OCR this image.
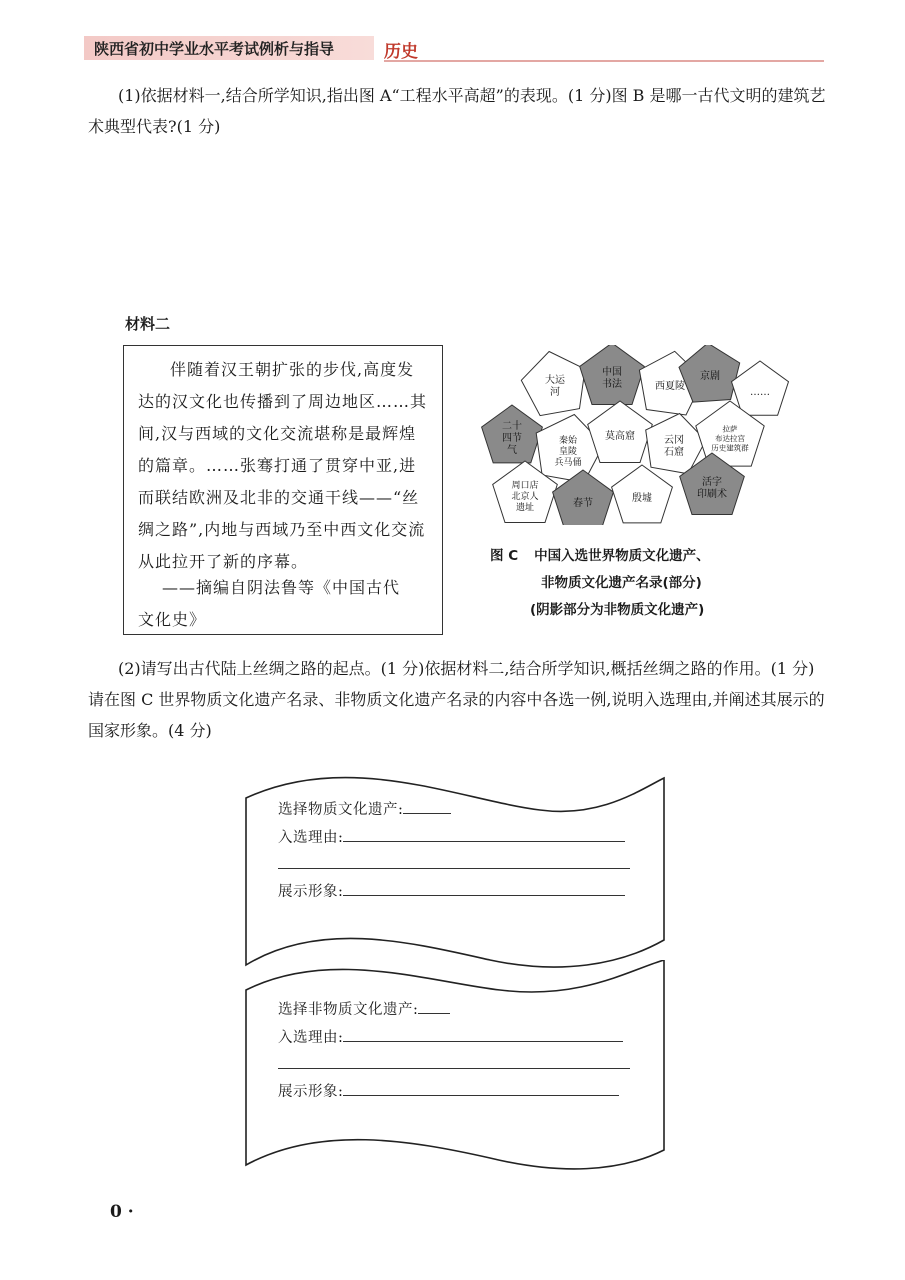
陕西省初中学业水平考试例析与指导	历史
(1)依据材料一,结合所学知识,指出图 A“工程水平高超”的表现。(1 分)图 B 是哪一古代文明的建筑艺术典型代表?(1 分)
材料二

伴随着汉王朝扩张的步伐,高度发达的汉文化也传播到了周边地区……其间,汉与西域的文化交流堪称是最辉煌的篇章。……张骞打通了贯穿中亚,进而联结欧洲及北非的交通干线——“丝绸之路”,内地与西域乃至中西文化交流从此拉开了新的序幕。

——摘编自阴法鲁等《中国古代
文化史》
大运
河
中国
书法	西夏陵
京剧
……
二十
四节
气
秦始
皇陵
兵马俑
莫高窟	云冈
石窟
拉萨
布达拉宫
历史建筑群
周口店
北京人
遗址	春节	殷墟
活字
印刷术
图 C 中国入选世界物质文化遗产、
非物质文化遗产名录(部分)
(阴影部分为非物质文化遗产)
(2)请写出古代陆上丝绸之路的起点。(1 分)依据材料二,结合所学知识,概括丝绸之路的作用。(1 分)请在图 C 世界物质文化遗产名录、非物质文化遗产名录的内容中各选一例,说明入选理由,并阐述其展示的国家形象。(4 分)
选择物质文化遗产:
入选理由:
展示形象:
选择非物质文化遗产:
入选理由:
展示形象:
0 ·
